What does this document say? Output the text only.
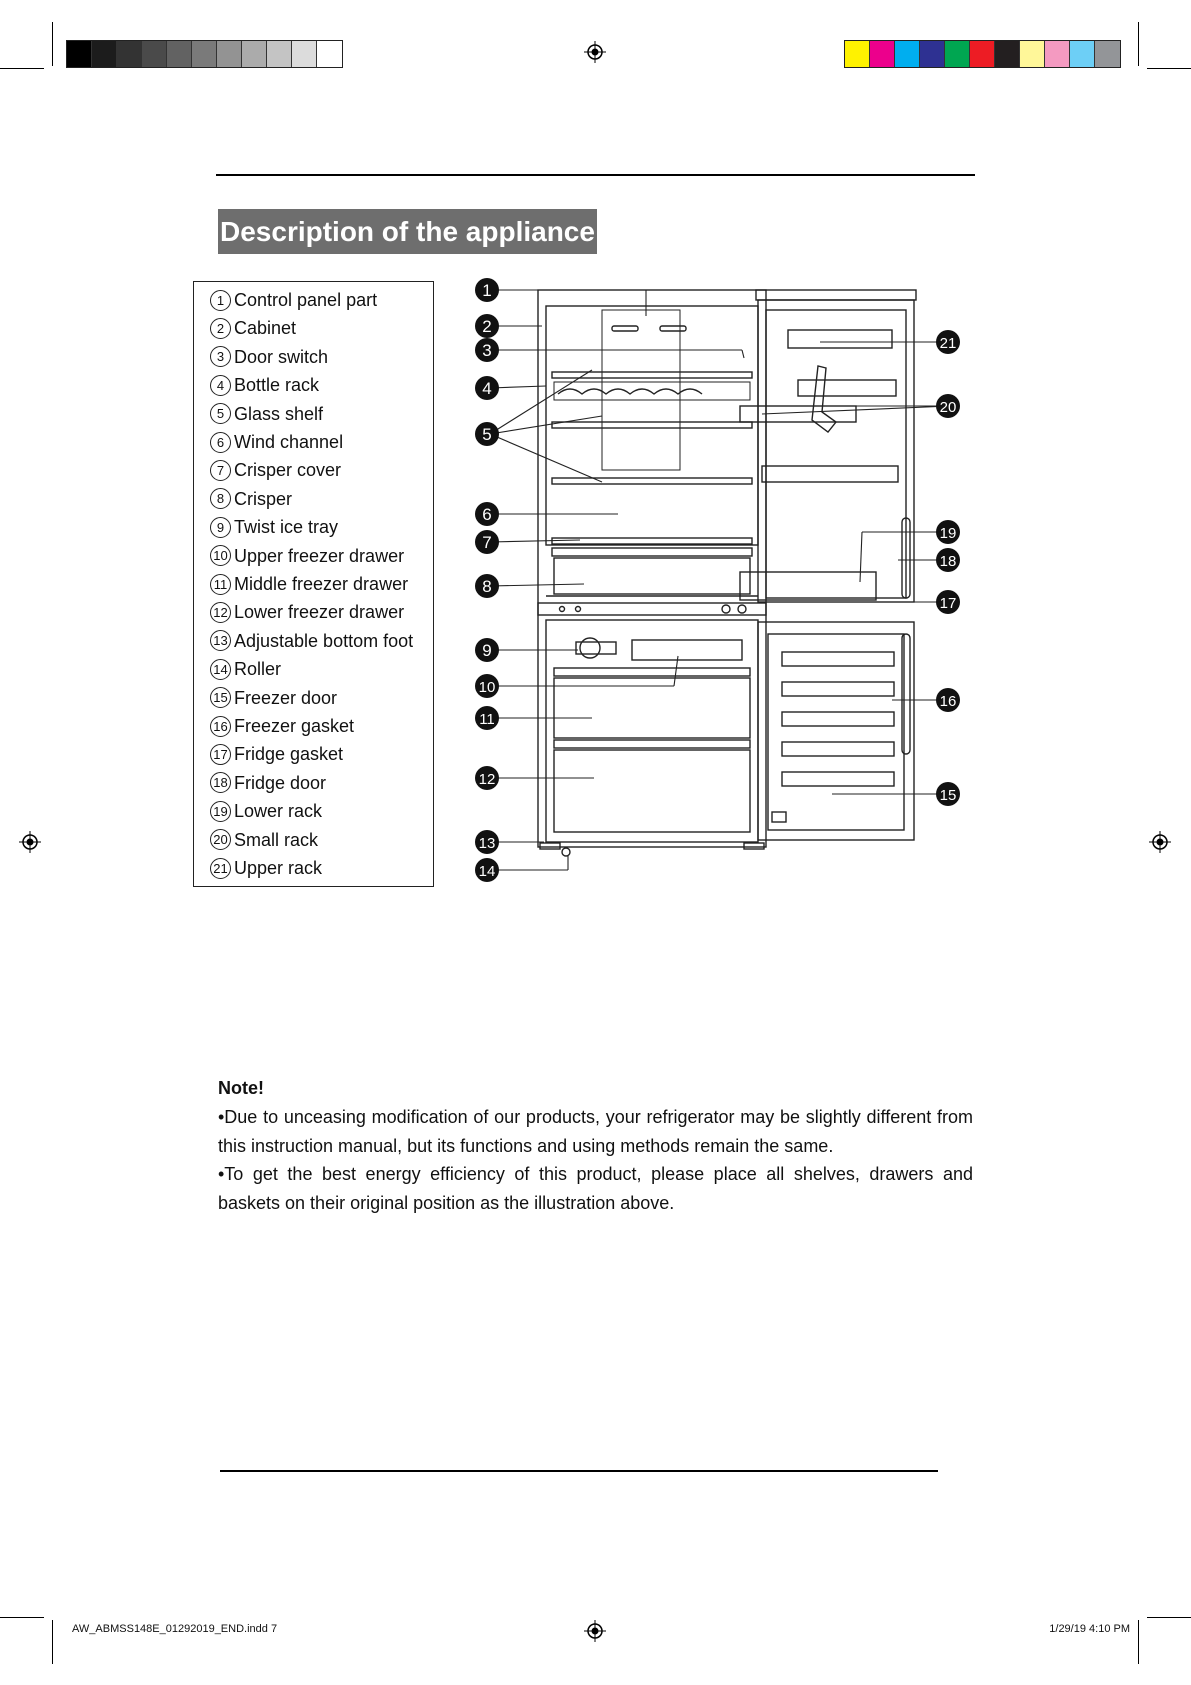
Description of the appliance
1 Control panel part
2 Cabinet
3 Door switch
4 Bottle rack
5 Glass shelf
6 Wind channel
7 Crisper cover
8 Crisper
9 Twist ice tray
10 Upper freezer drawer
11 Middle freezer drawer
12 Lower freezer drawer
13 Adjustable bottom foot
14 Roller
15 Freezer door
16 Freezer gasket
17 Fridge gasket
18 Fridge door
19 Lower rack
20 Small rack
21 Upper rack
1
2
3
4
5
6
7
8
9
10
11
12
13
14
15
16
17
18
19
20
21
Note!
•Due to unceasing modification of our products, your refrigerator may be slightly different from this instruction manual, but its functions and using methods remain the same.
•To get the best energy efficiency of this product, please place all shelves, drawers and baskets on their original position as the illustration above.
AW_ABMSS148E_01292019_END.indd 7	1/29/19 4:10 PM
